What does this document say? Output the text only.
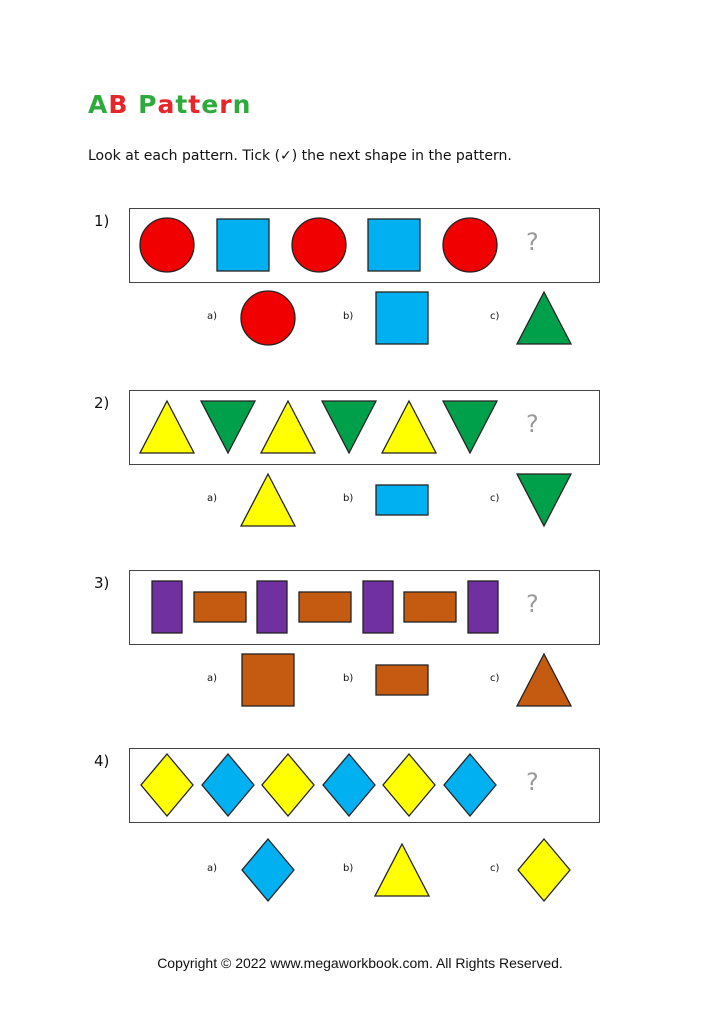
AB Pattern
Look at each pattern. Tick (✓) the next shape in the pattern.
1)
?
a)	b)	c)
2)
?
a)	b)	c)
3)
?
a)	b)	c)
4)
?
a)	b)	c)
Copyright © 2022 www.megaworkbook.com. All Rights Reserved.
